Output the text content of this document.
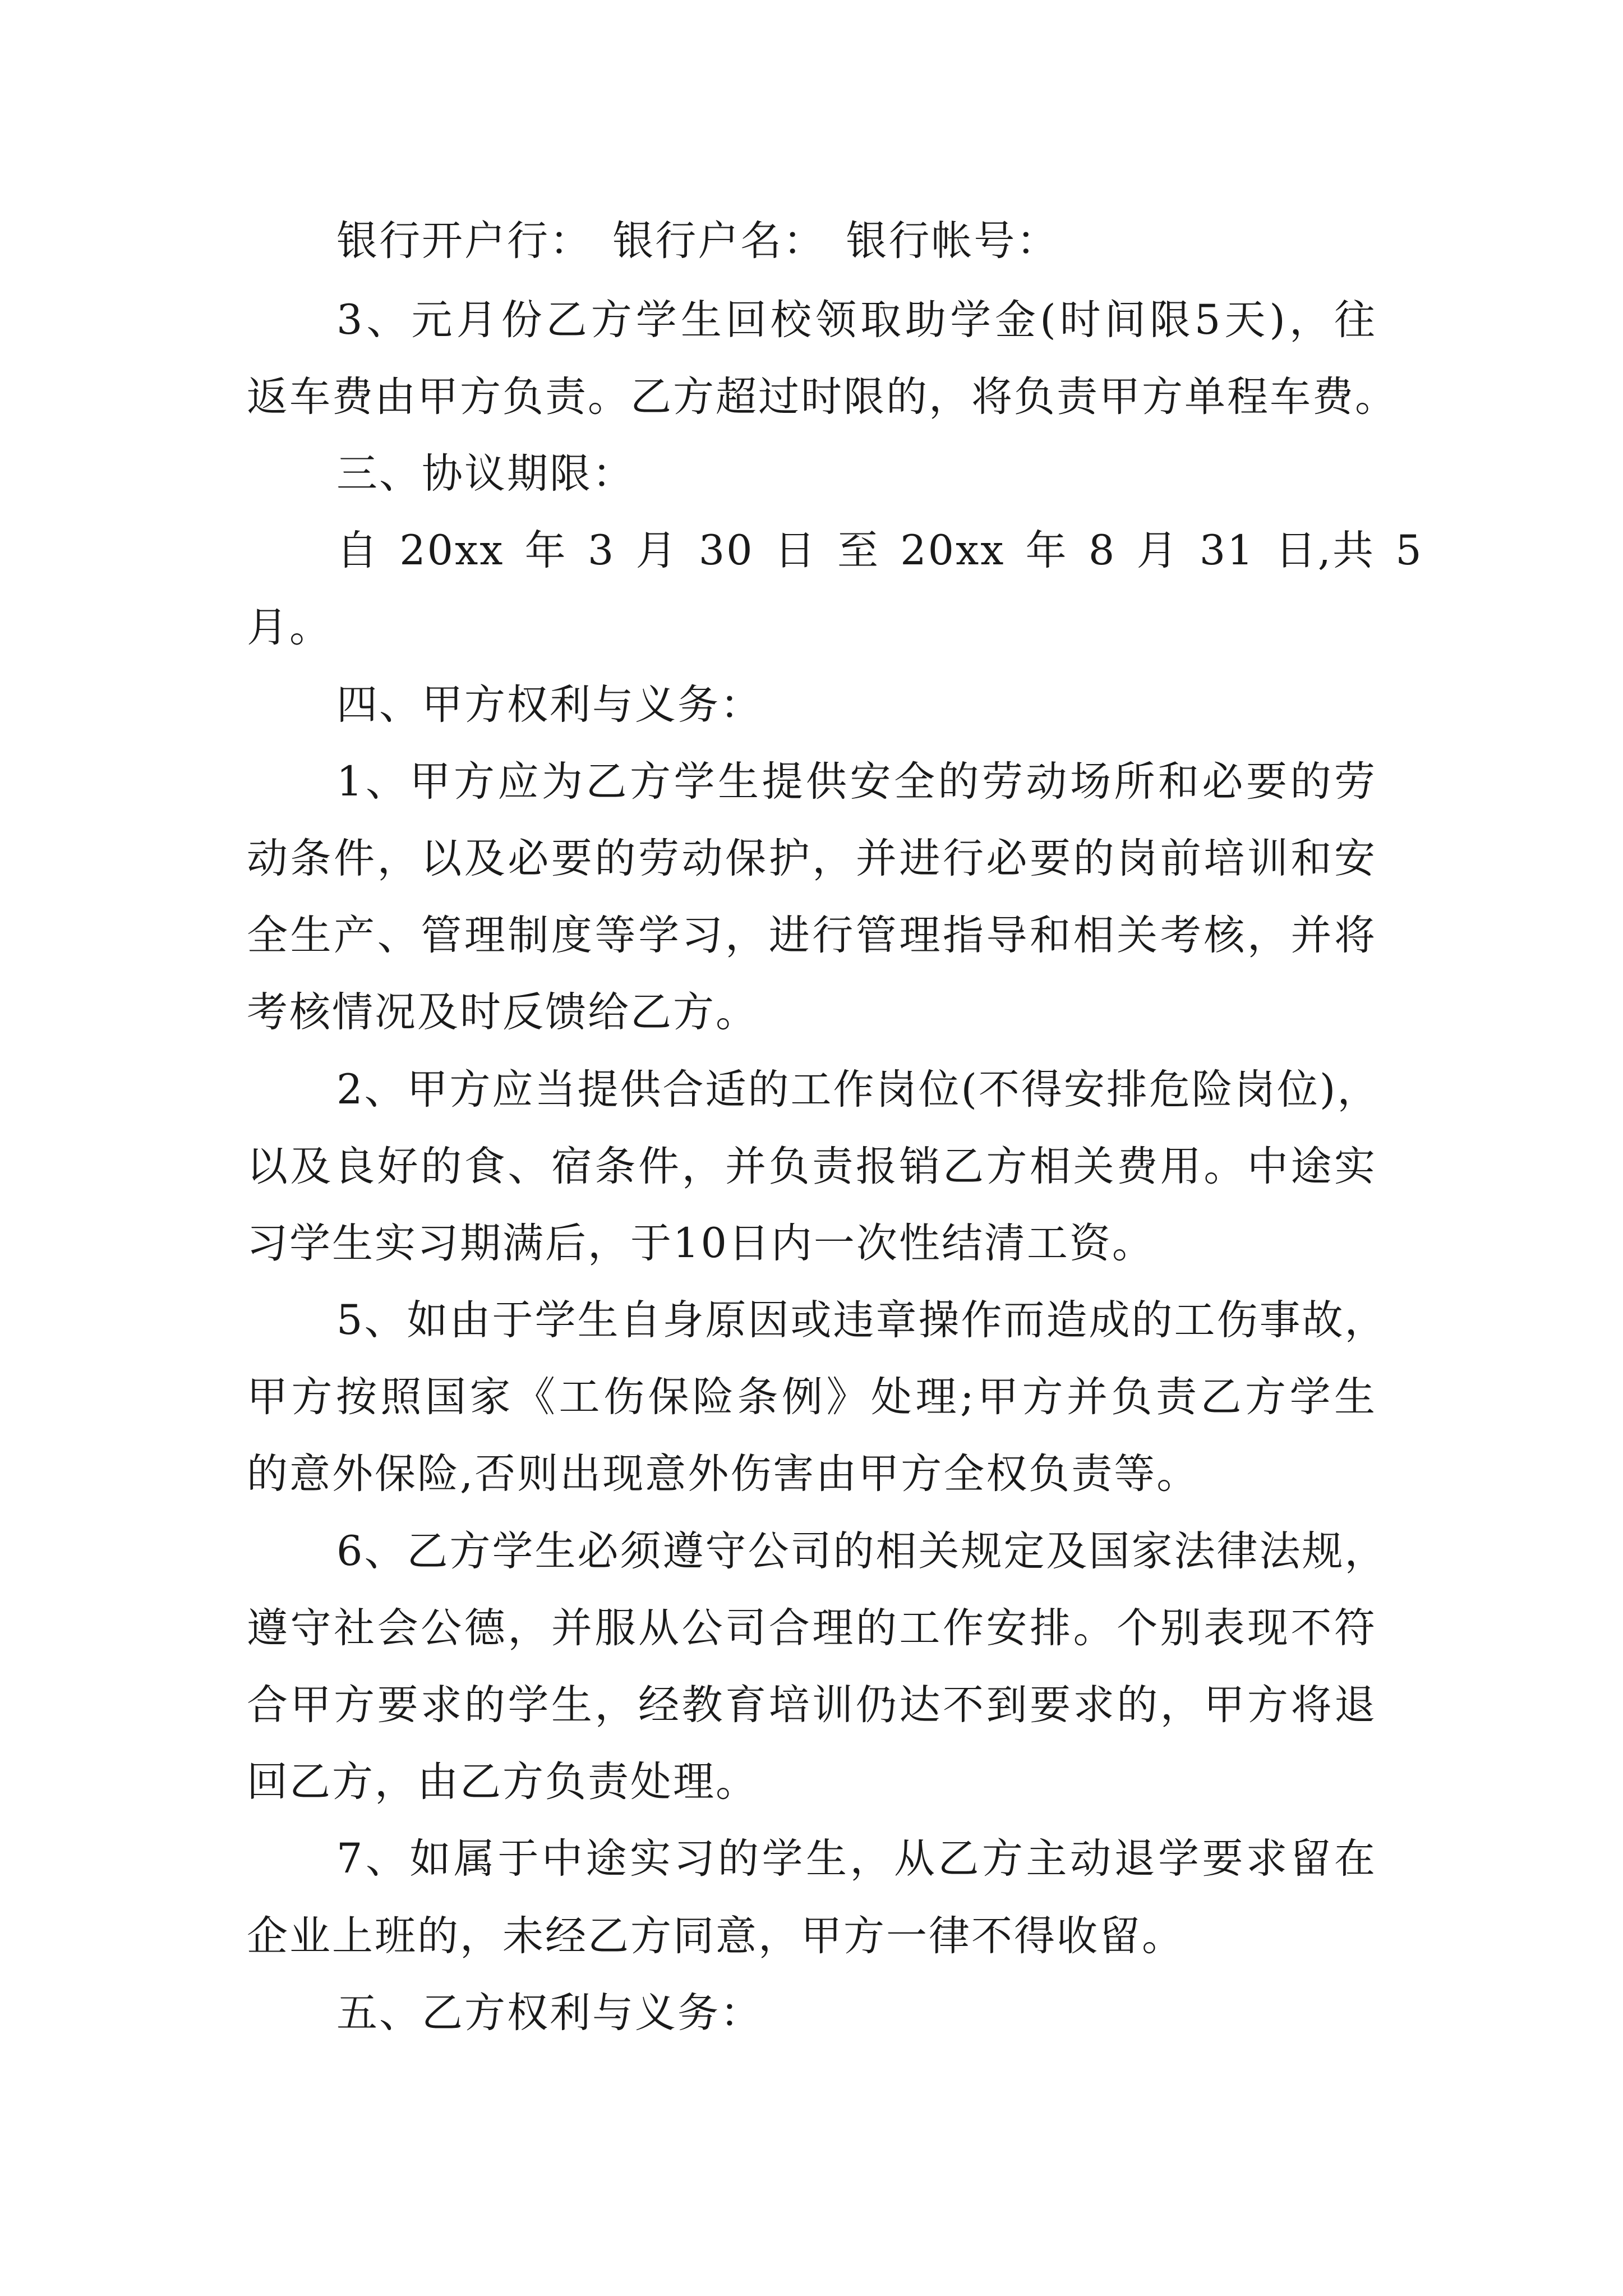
银行开户行： 银行户名： 银行帐号：
3、元月份乙方学生回校领取助学金(时间限5天)，往
返车费由甲方负责。乙方超过时限的，将负责甲方单程车费。
三、协议期限：
自 20xx 年 3 月 30 日 至 20xx 年 8 月 31 日,共 5
月。
四、甲方权利与义务：
1、甲方应为乙方学生提供安全的劳动场所和必要的劳
动条件，以及必要的劳动保护，并进行必要的岗前培训和安
全生产、管理制度等学习，进行管理指导和相关考核，并将
考核情况及时反馈给乙方。
2、甲方应当提供合适的工作岗位(不得安排危险岗位)，
以及良好的食、宿条件，并负责报销乙方相关费用。中途实
习学生实习期满后，于10日内一次性结清工资。
5、如由于学生自身原因或违章操作而造成的工伤事故，
甲方按照国家《工伤保险条例》处理;甲方并负责乙方学生
的意外保险,否则出现意外伤害由甲方全权负责等。
6、乙方学生必须遵守公司的相关规定及国家法律法规，
遵守社会公德，并服从公司合理的工作安排。个别表现不符
合甲方要求的学生，经教育培训仍达不到要求的，甲方将退
回乙方，由乙方负责处理。
7、如属于中途实习的学生，从乙方主动退学要求留在
企业上班的，未经乙方同意，甲方一律不得收留。
五、乙方权利与义务：
